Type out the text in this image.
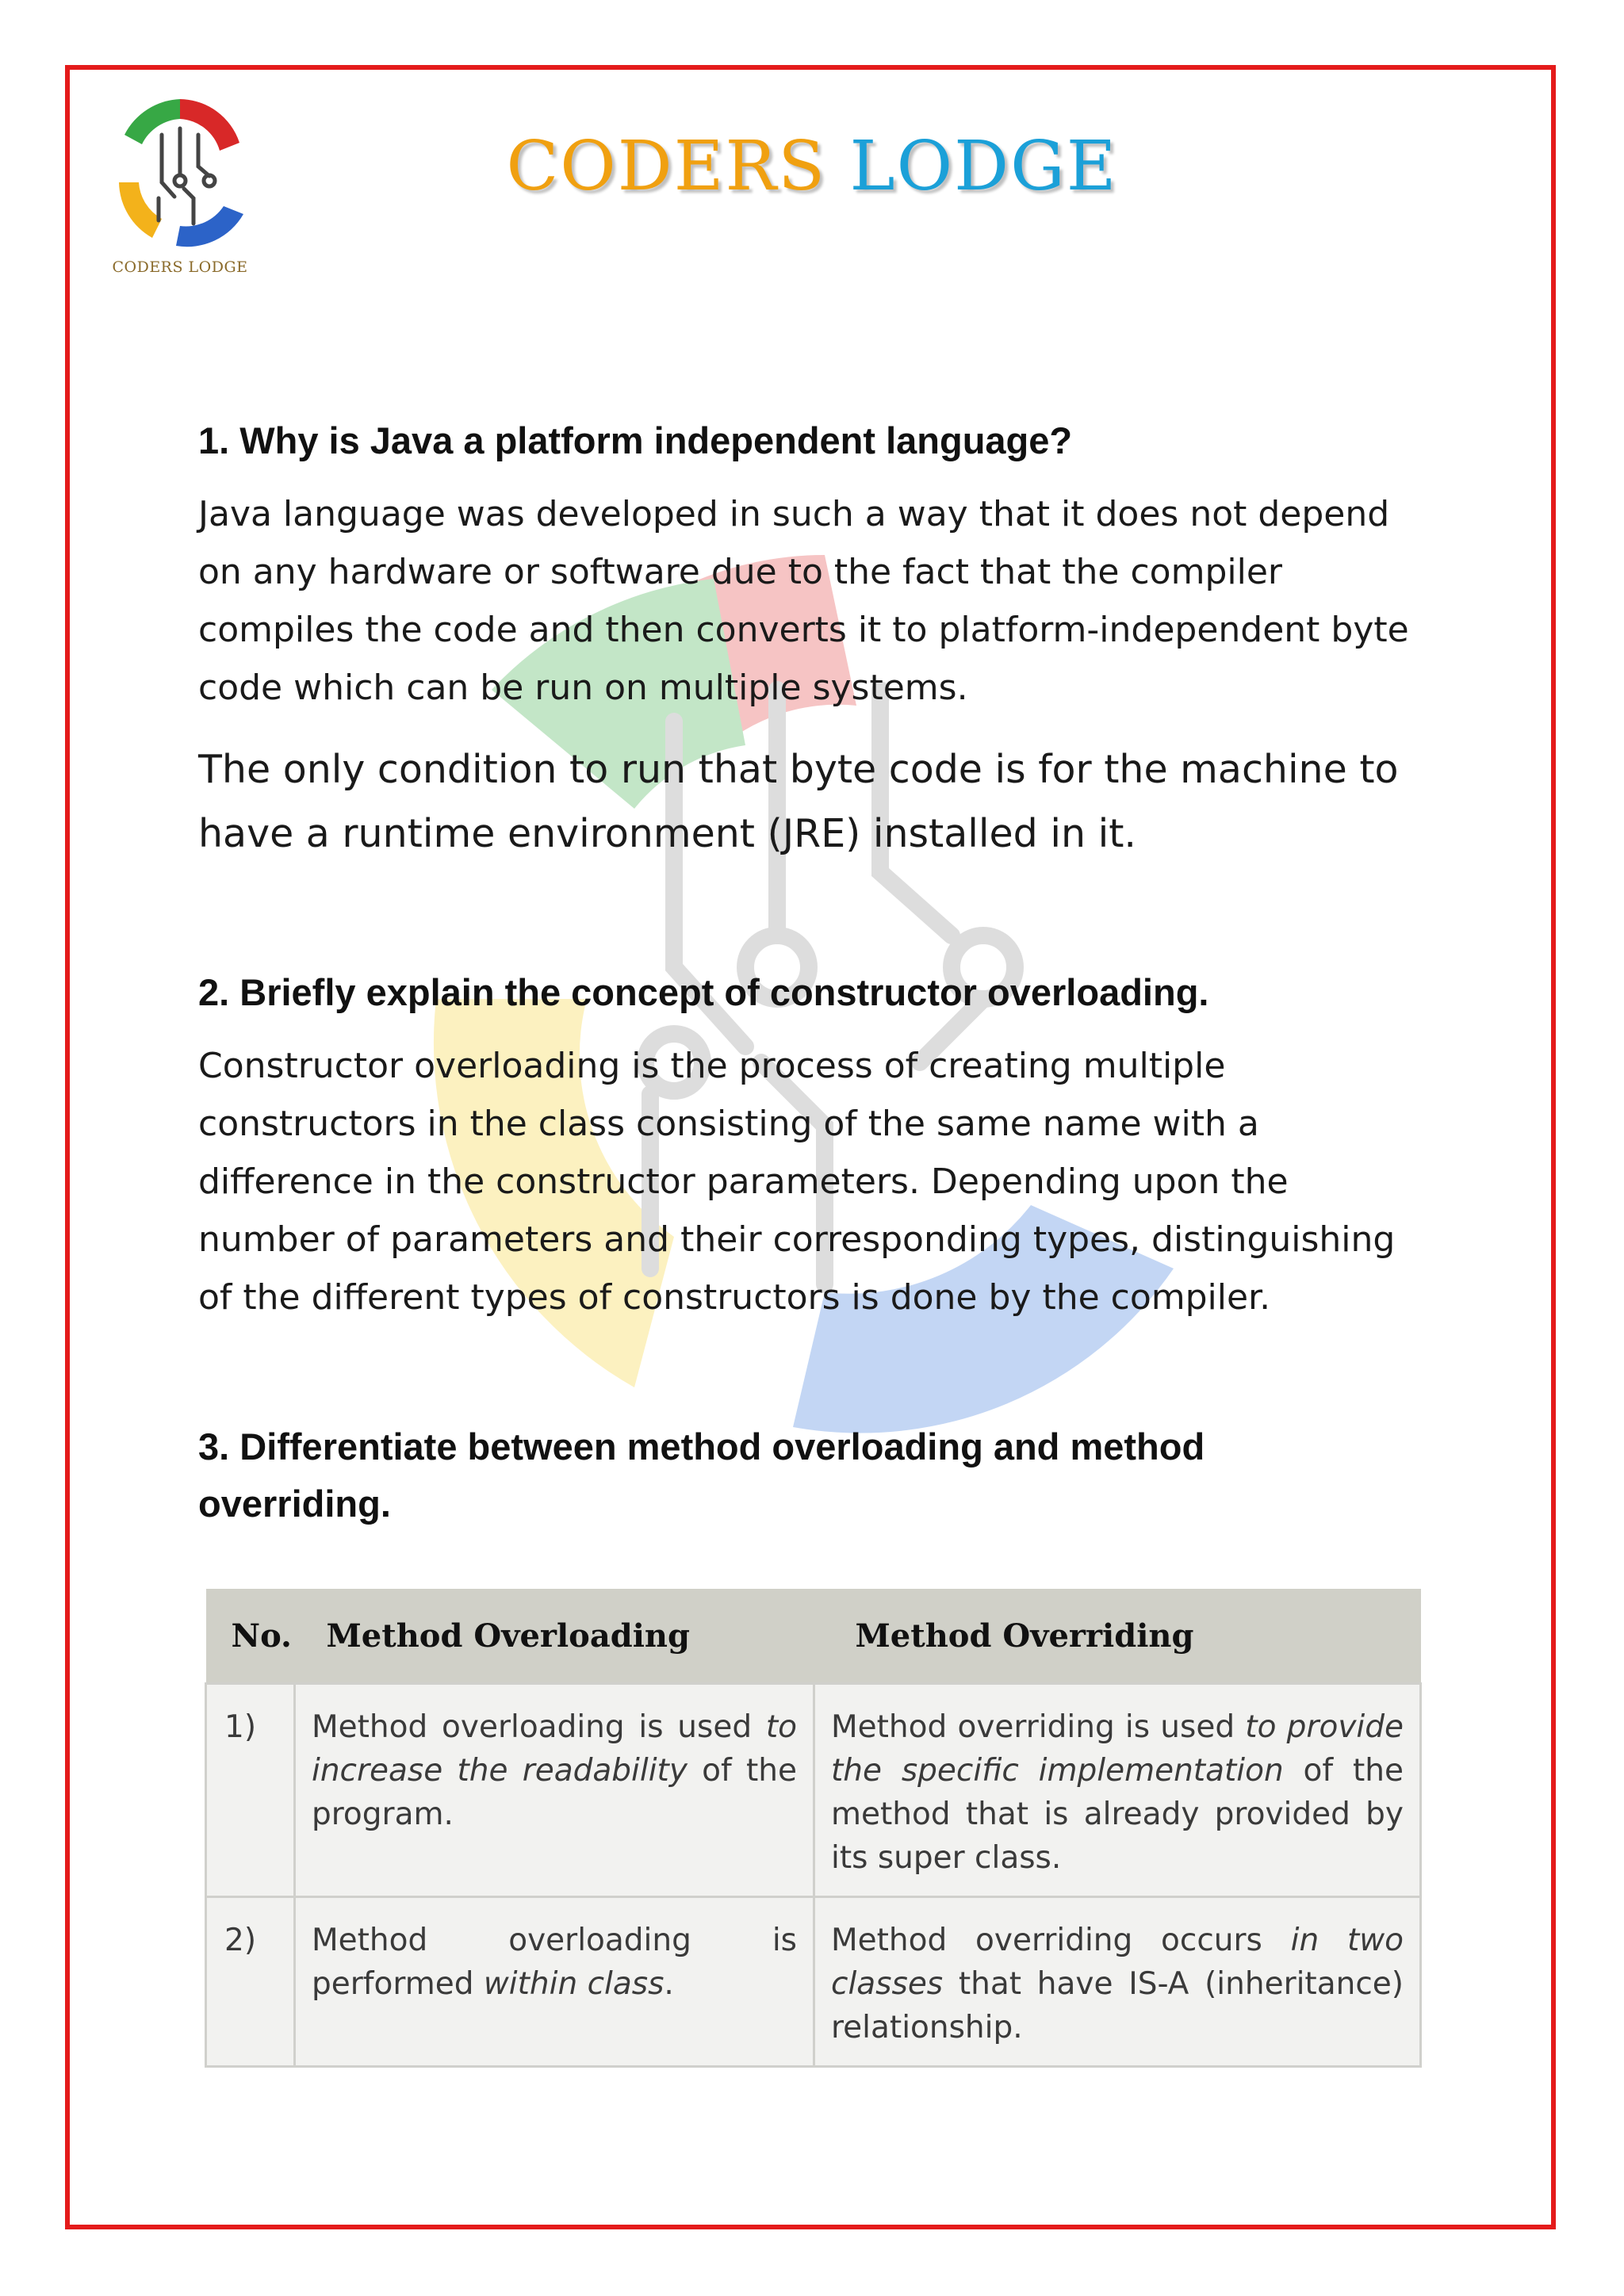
CODERS LODGE
CODERS LODGE
1. Why is Java a platform independent language?

Java language was developed in such a way that it does not depend on any hardware or software due to the fact that the compiler compiles the code and then converts it to platform-independent byte code which can be run on multiple systems.

The only condition to run that byte code is for the machine to have a runtime environment (JRE) installed in it.

2. Briefly explain the concept of constructor overloading.

Constructor overloading is the process of creating multiple constructors in the class consisting of the same name with a difference in the constructor parameters. Depending upon the number of parameters and their corresponding types, distinguishing of the different types of constructors is done by the compiler.

3. Differentiate between method overloading and method
overriding.
No.	Method Overloading	Method Overriding
1)	Method overloading is used to increase the readability of the program.	Method overriding is used to provide the specific implementation of the method that is already provided by its super class.
2)	Method overloading is performed within class.	Method overriding occurs in two classes that have IS-A (inheritance) relationship.
